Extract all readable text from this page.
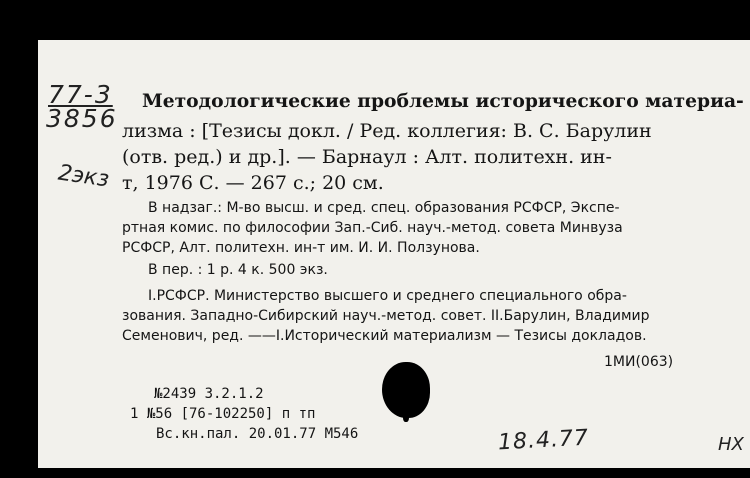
77-3
3856
2экз
Методологические проблемы исторического материа-
лизма : [Тезисы докл. / Ред. коллегия: В. С. Барулин
(отв. ред.) и др.]. — Барнаул : Алт. политехн. ин-
т, 1976 С. — 267 с.; 20 см.
В надзаг.: М-во высш. и сред. спец. образования РСФСР, Экспе-
ртная комис. по философии Зап.-Сиб. науч.-метод. совета Минвуза
РСФСР, Алт. политехн. ин-т им. И. И. Ползунова.
В пер. : 1 р. 4 к. 500 экз.
I.РСФСР. Министерство высшего и среднего специального обра-
зования. Западно-Сибирский науч.-метод. совет. II.Барулин, Владимир
Семенович, ред. ——I.Исторический материализм — Тезисы докладов.
1МИ(063)
№2439 3.2.1.2
1 №56 [76-102250] п тп
Вс.кн.пал. 20.01.77 М546	18.4.77	НХ
